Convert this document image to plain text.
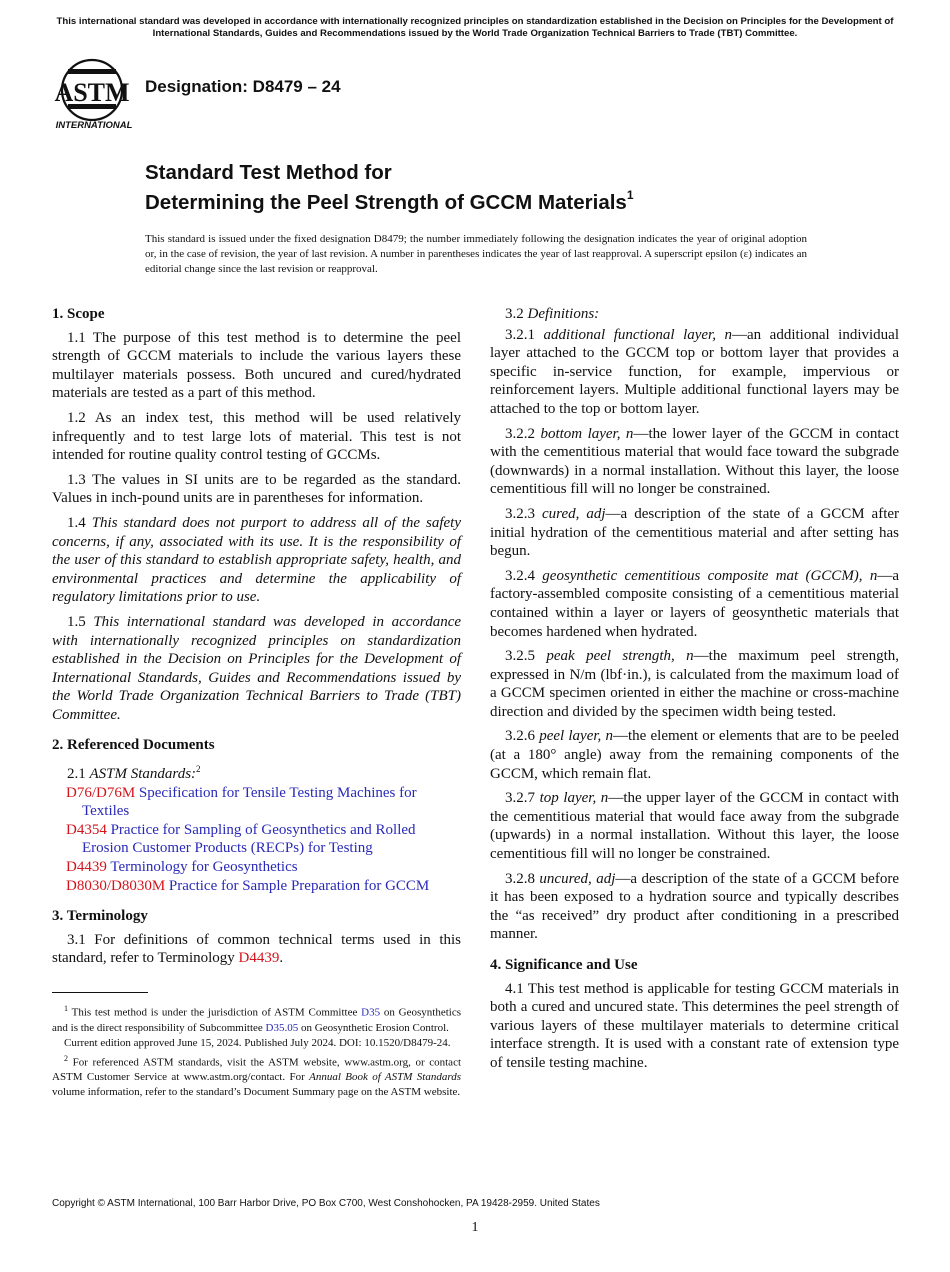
This international standard was developed in accordance with internationally recognized principles on standardization established in the Decision on Principles for the Development of International Standards, Guides and Recommendations issued by the World Trade Organization Technical Barriers to Trade (TBT) Committee.
ASTM
INTERNATIONAL
Designation: D8479 – 24
Standard Test Method for
Determining the Peel Strength of GCCM Materials$^1$
This standard is issued under the fixed designation D8479; the number immediately following the designation indicates the year of original adoption or, in the case of revision, the year of last revision. A number in parentheses indicates the year of last reapproval. A superscript epsilon (ε) indicates an editorial change since the last revision or reapproval.

1. Scope

1.1 The purpose of this test method is to determine the peel strength of GCCM materials to include the various layers these multilayer materials possess. Both uncured and cured/hydrated materials are tested as a part of this method.

1.2 As an index test, this method will be used relatively infrequently and to test large lots of material. This test is not intended for routine quality control testing of GCCMs.

1.3 The values in SI units are to be regarded as the standard. Values in inch-pound units are in parentheses for information.

1.4 This standard does not purport to address all of the safety concerns, if any, associated with its use. It is the responsibility of the user of this standard to establish appropriate safety, health, and environmental practices and determine the applicability of regulatory limitations prior to use.

1.5 This international standard was developed in accordance with internationally recognized principles on standardization established in the Decision on Principles for the Development of International Standards, Guides and Recommendations issued by the World Trade Organization Technical Barriers to Trade (TBT) Committee.

2. Referenced Documents

2.1 ASTM Standards:$^2$

D76/D76M Specification for Tensile Testing Machines for Textiles

D4354 Practice for Sampling of Geosynthetics and Rolled Erosion Customer Products (RECPs) for Testing

D4439 Terminology for Geosynthetics

D8030/D8030M Practice for Sample Preparation for GCCM

3. Terminology

3.1 For definitions of common technical terms used in this standard, refer to Terminology D4439.

$^1$ This test method is under the jurisdiction of ASTM Committee D35 on Geosynthetics and is the direct responsibility of Subcommittee D35.05 on Geosynthetic Erosion Control.

Current edition approved June 15, 2024. Published July 2024. DOI: 10.1520/D8479-24.

$^2$ For referenced ASTM standards, visit the ASTM website, www.astm.org, or contact ASTM Customer Service at www.astm.org/contact. For Annual Book of ASTM Standards volume information, refer to the standard’s Document Summary page on the ASTM website.

3.2 Definitions:

3.2.1 additional functional layer, n—an additional individual layer attached to the GCCM top or bottom layer that provides a specific in-service function, for example, impervious or reinforcement layers. Multiple additional functional layers may be attached to the top or bottom layer.

3.2.2 bottom layer, n—the lower layer of the GCCM in contact with the cementitious material that would face toward the subgrade (downwards) in a normal installation. Without this layer, the loose cementitious fill will no longer be constrained.

3.2.3 cured, adj—a description of the state of a GCCM after initial hydration of the cementitious material and after setting has begun.

3.2.4 geosynthetic cementitious composite mat (GCCM), n—a factory-assembled composite consisting of a cementitious material contained within a layer or layers of geosynthetic materials that becomes hardened when hydrated.

3.2.5 peak peel strength, n—the maximum peel strength, expressed in N/m (lbf·in.), is calculated from the maximum load of a GCCM specimen oriented in either the machine or cross-machine direction and divided by the specimen width being tested.

3.2.6 peel layer, n—the element or elements that are to be peeled (at a 180° angle) away from the remaining components of the GCCM, which remain flat.

3.2.7 top layer, n—the upper layer of the GCCM in contact with the cementitious material that would face away from the subgrade (upwards) in a normal installation. Without this layer, the loose cementitious fill will no longer be constrained.

3.2.8 uncured, adj—a description of the state of a GCCM before it has been exposed to a hydration source and typically describes the “as received” dry product after conditioning in a prescribed manner.

4. Significance and Use

4.1 This test method is applicable for testing GCCM materials in both a cured and uncured state. This determines the peel strength of various layers of these multilayer materials to determine critical interface strength. It is used with a constant rate of extension type of tensile testing machine.

Copyright © ASTM International, 100 Barr Harbor Drive, PO Box C700, West Conshohocken, PA 19428-2959. United States
1
